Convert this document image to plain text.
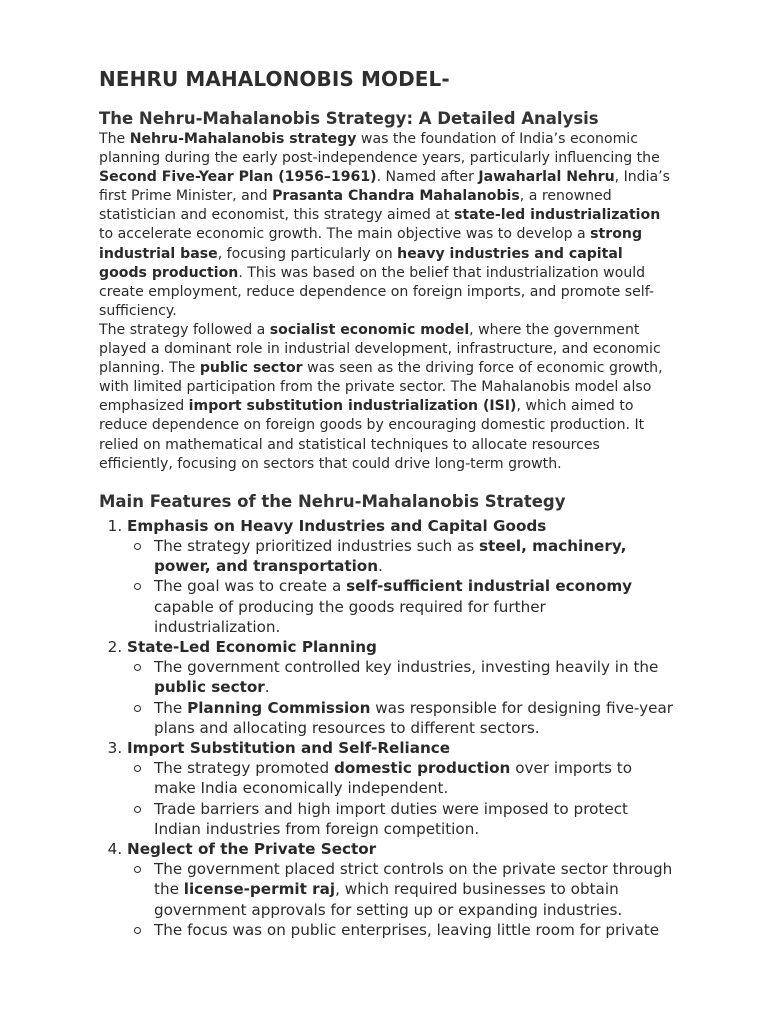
NEHRU MAHALONOBIS MODEL-
The Nehru-Mahalanobis Strategy: A Detailed Analysis

The Nehru-Mahalanobis strategy was the foundation of India’s economic planning during the early post-independence years, particularly influencing the Second Five-Year Plan (1956–1961). Named after Jawaharlal Nehru, India’s first Prime Minister, and Prasanta Chandra Mahalanobis, a renowned statistician and economist, this strategy aimed at state-led industrialization to accelerate economic growth. The main objective was to develop a strong industrial base, focusing particularly on heavy industries and capital goods production. This was based on the belief that industrialization would create employment, reduce dependence on foreign imports, and promote self-sufficiency.

The strategy followed a socialist economic model, where the government played a dominant role in industrial development, infrastructure, and economic planning. The public sector was seen as the driving force of economic growth, with limited participation from the private sector. The Mahalanobis model also emphasized import substitution industrialization (ISI), which aimed to reduce dependence on foreign goods by encouraging domestic production. It relied on mathematical and statistical techniques to allocate resources efficiently, focusing on sectors that could drive long-term growth.

Main Features of the Nehru-Mahalanobis Strategy
1. Emphasis on Heavy Industries and Capital Goods
The strategy prioritized industries such as steel, machinery, power, and transportation.
The goal was to create a self-sufficient industrial economy capable of producing the goods required for further industrialization.
2. State-Led Economic Planning
The government controlled key industries, investing heavily in the public sector.
The Planning Commission was responsible for designing five-year plans and allocating resources to different sectors.
3. Import Substitution and Self-Reliance
The strategy promoted domestic production over imports to make India economically independent.
Trade barriers and high import duties were imposed to protect Indian industries from foreign competition.
4. Neglect of the Private Sector
The government placed strict controls on the private sector through the license-permit raj, which required businesses to obtain government approvals for setting up or expanding industries.
The focus was on public enterprises, leaving little room for private
